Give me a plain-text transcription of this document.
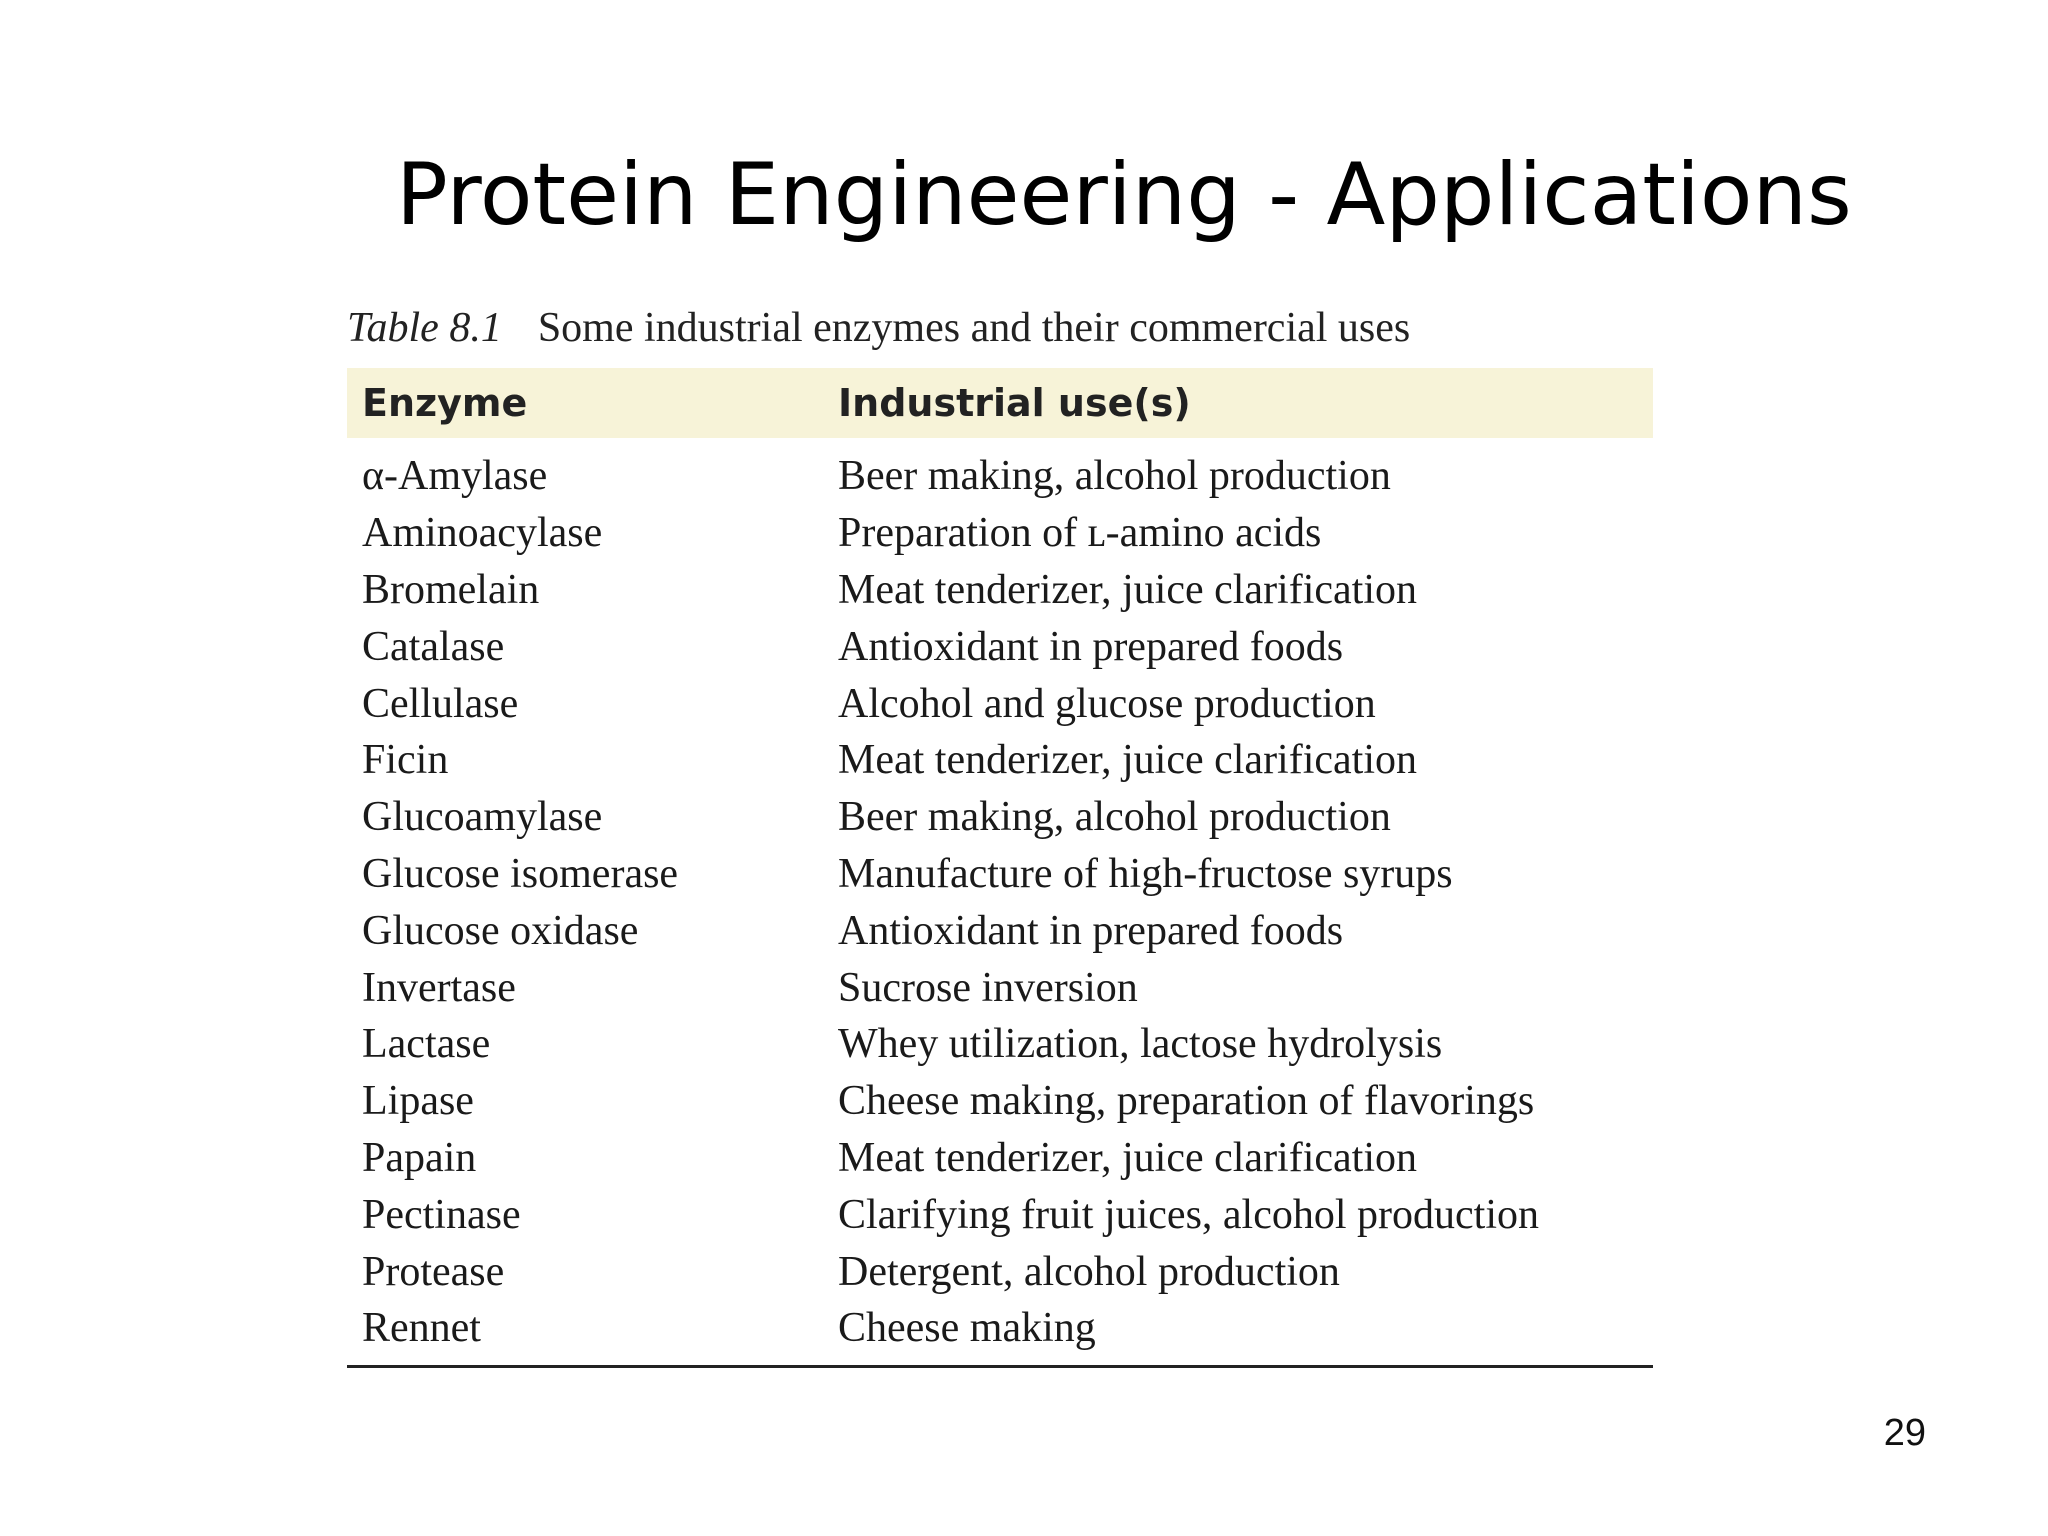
Protein Engineering - Applications
Table 8.1 Some industrial enzymes and their commercial uses
Enzyme	Industrial use(s)
α-Amylase	Beer making, alcohol production
Aminoacylase	Preparation of ʟ-amino acids
Bromelain	Meat tenderizer, juice clarification
Catalase	Antioxidant in prepared foods
Cellulase	Alcohol and glucose production
Ficin	Meat tenderizer, juice clarification
Glucoamylase	Beer making, alcohol production
Glucose isomerase	Manufacture of high-fructose syrups
Glucose oxidase	Antioxidant in prepared foods
Invertase	Sucrose inversion
Lactase	Whey utilization, lactose hydrolysis
Lipase	Cheese making, preparation of flavorings
Papain	Meat tenderizer, juice clarification
Pectinase	Clarifying fruit juices, alcohol production
Protease	Detergent, alcohol production
Rennet	Cheese making
29
